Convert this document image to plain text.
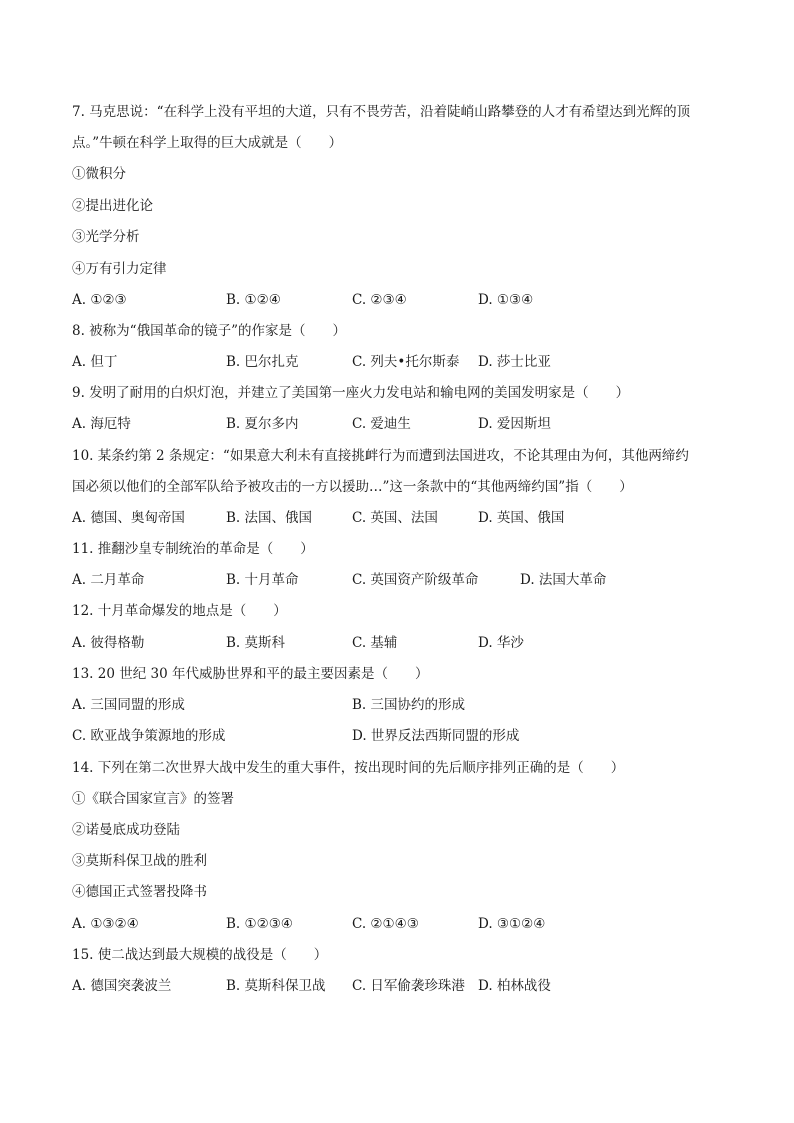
7. 马克思说：“在科学上没有平坦的大道，只有不畏劳苦，沿着陡峭山路攀登的人才有希望达到光辉的顶
点。”牛顿在科学上取得的巨大成就是（　　）
①微积分
②提出进化论
③光学分析
④万有引力定律
A. ①②③	B. ①②④	C. ②③④	D. ①③④
8. 被称为“俄国革命的镜子”的作家是（　　）
A. 但丁	B. 巴尔扎克	C. 列夫•托尔斯泰 D. 莎士比亚
9. 发明了耐用的白炽灯泡，并建立了美国第一座火力发电站和输电网的美国发明家是（　　）
A. 海厄特	B. 夏尔多内	C. 爱迪生	D. 爱因斯坦
10. 某条约第 2 条规定：“如果意大利未有直接挑衅行为而遭到法国进攻，不论其理由为何，其他两缔约
国必须以他们的全部军队给予被攻击的一方以援助…”这一条款中的“其他两缔约国”指（　　）
A. 德国、奥匈帝国	B. 法国、俄国	C. 英国、法国	D. 英国、俄国
11. 推翻沙皇专制统治的革命是（　　）
A. 二月革命	B. 十月革命	C. 英国资产阶级革命	D. 法国大革命
12. 十月革命爆发的地点是（　　）
A. 彼得格勒	B. 莫斯科	C. 基辅	D. 华沙
13. 20 世纪 30 年代威胁世界和平的最主要因素是（　　）
A. 三国同盟的形成	B. 三国协约的形成
C. 欧亚战争策源地的形成	D. 世界反法西斯同盟的形成
14. 下列在第二次世界大战中发生的重大事件，按出现时间的先后顺序排列正确的是（　　）
①《联合国家宣言》的签署
②诺曼底成功登陆
③莫斯科保卫战的胜利
④德国正式签署投降书
A. ①③②④	B. ①②③④	C. ②①④③	D. ③①②④
15. 使二战达到最大规模的战役是（　　）
A. 德国突袭波兰	B. 莫斯科保卫战 C. 日军偷袭珍珠港 D. 柏林战役
